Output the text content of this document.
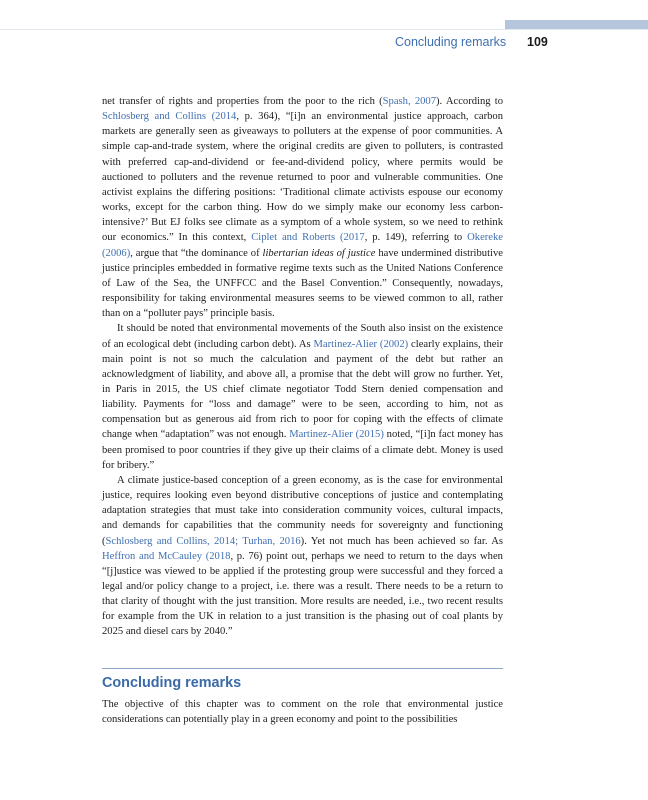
Concluding remarks 109

net transfer of rights and properties from the poor to the rich (Spash, 2007). According to Schlosberg and Collins (2014, p. 364), “[i]n an environmental justice approach, carbon markets are generally seen as giveaways to polluters at the expense of poor communities. A simple cap-and-trade system, where the original credits are given to polluters, is contrasted with preferred cap-and-dividend or fee-and-dividend policy, where permits would be auctioned to polluters and the revenue returned to poor and vulnerable communities. One activist explains the differing positions: ‘Traditional climate activists espouse our economy works, except for the carbon thing. How do we simply make our economy less carbon-intensive?’ But EJ folks see climate as a symptom of a whole system, so we need to rethink our economics.” In this context, Ciplet and Roberts (2017, p. 149), referring to Okereke (2006), argue that “the dominance of libertarian ideas of justice have undermined distributive justice principles embedded in formative regime texts such as the United Nations Conference of Law of the Sea, the UNFFCC and the Basel Convention.” Consequently, nowadays, responsibility for taking environmental measures seems to be viewed common to all, rather than on a “polluter pays” principle basis.

It should be noted that environmental movements of the South also insist on the existence of an ecological debt (including carbon debt). As Martinez-Alier (2002) clearly explains, their main point is not so much the calculation and payment of the debt but rather an acknowledgment of liability, and above all, a promise that the debt will grow no further. Yet, in Paris in 2015, the US chief climate negotiator Todd Stern denied compensation and liability. Payments for “loss and damage” were to be seen, according to him, not as compensation but as generous aid from rich to poor for coping with the effects of climate change when “adaptation” was not enough. Martinez-Alier (2015) noted, “[i]n fact money has been promised to poor countries if they give up their claims of a climate debt. Money is used for bribery.”

A climate justice-based conception of a green economy, as is the case for environmental justice, requires looking even beyond distributive conceptions of justice and contemplating adaptation strategies that must take into consideration community voices, cultural impacts, and demands for capabilities that the community needs for sovereignty and functioning (Schlosberg and Collins, 2014; Turhan, 2016). Yet not much has been achieved so far. As Heffron and McCauley (2018, p. 76) point out, perhaps we need to return to the days when “[j]ustice was viewed to be applied if the protesting group were successful and they forced a legal and/or policy change to a project, i.e. there was a result. There needs to be a return to that clarity of thought with the just transition. More results are needed, i.e., two recent results for example from the UK in relation to a just transition is the phasing out of coal plants by 2025 and diesel cars by 2040.”

Concluding remarks

The objective of this chapter was to comment on the role that environmental justice considerations can potentially play in a green economy and point to the possibilities
